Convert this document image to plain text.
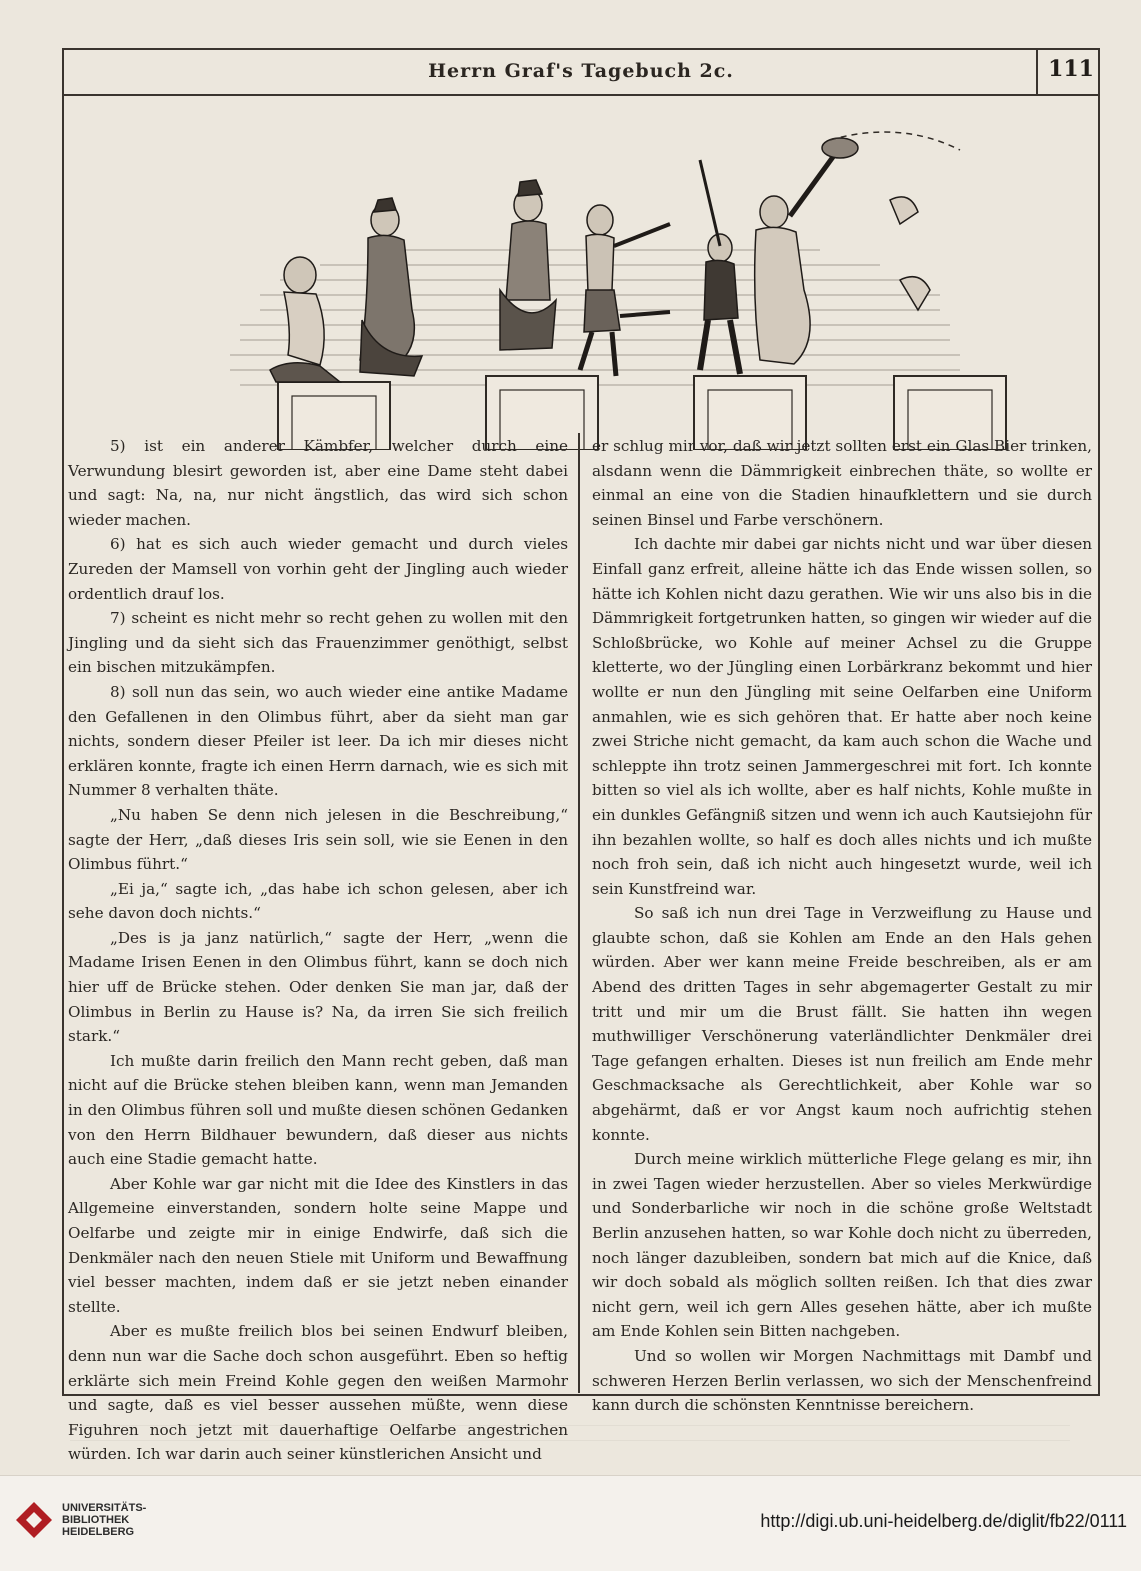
Herrn Graf's Tagebuch 2c.	111

5) ist ein anderer Kämbfer, welcher durch eine Verwundung blesirt geworden ist, aber eine Dame steht dabei und sagt: Na, na, nur nicht ängstlich, das wird sich schon wieder machen.

6) hat es sich auch wieder gemacht und durch vieles Zureden der Mamsell von vorhin geht der Jingling auch wieder ordentlich drauf los.

7) scheint es nicht mehr so recht gehen zu wollen mit den Jingling und da sieht sich das Frauenzimmer genöthigt, selbst ein bischen mitzukämpfen.

8) soll nun das sein, wo auch wieder eine antike Madame den Gefallenen in den Olimbus führt, aber da sieht man gar nichts, sondern dieser Pfeiler ist leer. Da ich mir dieses nicht erklären konnte, fragte ich einen Herrn darnach, wie es sich mit Nummer 8 verhalten thäte.

„Nu haben Se denn nich jelesen in die Beschreibung,“ sagte der Herr, „daß dieses Iris sein soll, wie sie Eenen in den Olimbus führt.“

„Ei ja,“ sagte ich, „das habe ich schon gelesen, aber ich sehe davon doch nichts.“

„Des is ja janz natürlich,“ sagte der Herr, „wenn die Madame Irisen Eenen in den Olimbus führt, kann se doch nich hier uff de Brücke stehen. Oder denken Sie man jar, daß der Olimbus in Berlin zu Hause is? Na, da irren Sie sich freilich stark.“

Ich mußte darin freilich den Mann recht geben, daß man nicht auf die Brücke stehen bleiben kann, wenn man Jemanden in den Olimbus führen soll und mußte diesen schönen Gedanken von den Herrn Bildhauer bewundern, daß dieser aus nichts auch eine Stadie gemacht hatte.

Aber Kohle war gar nicht mit die Idee des Kinstlers in das Allgemeine einverstanden, sondern holte seine Mappe und Oelfarbe und zeigte mir in einige Endwirfe, daß sich die Denkmäler nach den neuen Stiele mit Uniform und Bewaffnung viel besser machten, indem daß er sie jetzt neben einander stellte.

Aber es mußte freilich blos bei seinen Endwurf bleiben, denn nun war die Sache doch schon ausgeführt. Eben so heftig erklärte sich mein Freind Kohle gegen den weißen Marmohr und sagte, daß es viel besser aussehen müßte, wenn diese Figuhren noch jetzt mit dauerhaftige Oelfarbe angestrichen würden. Ich war darin auch seiner künstlerichen Ansicht und

er schlug mir vor, daß wir jetzt sollten erst ein Glas Bier trinken, alsdann wenn die Dämmrigkeit einbrechen thäte, so wollte er einmal an eine von die Stadien hinaufklettern und sie durch seinen Binsel und Farbe verschönern.

Ich dachte mir dabei gar nichts nicht und war über diesen Einfall ganz erfreit, alleine hätte ich das Ende wissen sollen, so hätte ich Kohlen nicht dazu gerathen. Wie wir uns also bis in die Dämmrigkeit fortgetrunken hatten, so gingen wir wieder auf die Schloßbrücke, wo Kohle auf meiner Achsel zu die Gruppe kletterte, wo der Jüngling einen Lorbärkranz bekommt und hier wollte er nun den Jüngling mit seine Oelfarben eine Uniform anmahlen, wie es sich gehören that. Er hatte aber noch keine zwei Striche nicht gemacht, da kam auch schon die Wache und schleppte ihn trotz seinen Jammergeschrei mit fort. Ich konnte bitten so viel als ich wollte, aber es half nichts, Kohle mußte in ein dunkles Gefängniß sitzen und wenn ich auch Kautsiejohn für ihn bezahlen wollte, so half es doch alles nichts und ich mußte noch froh sein, daß ich nicht auch hingesetzt wurde, weil ich sein Kunstfreind war.

So saß ich nun drei Tage in Verzweiflung zu Hause und glaubte schon, daß sie Kohlen am Ende an den Hals gehen würden. Aber wer kann meine Freide beschreiben, als er am Abend des dritten Tages in sehr abgemagerter Gestalt zu mir tritt und mir um die Brust fällt. Sie hatten ihn wegen muthwilliger Verschönerung vaterländlichter Denkmäler drei Tage gefangen erhalten. Dieses ist nun freilich am Ende mehr Geschmacksache als Gerechtlichkeit, aber Kohle war so abgehärmt, daß er vor Angst kaum noch aufrichtig stehen konnte.

Durch meine wirklich mütterliche Flege gelang es mir, ihn in zwei Tagen wieder herzustellen. Aber so vieles Merkwürdige und Sonderbarliche wir noch in die schöne große Weltstadt Berlin anzusehen hatten, so war Kohle doch nicht zu überreden, noch länger dazubleiben, sondern bat mich auf die Knice, daß wir doch sobald als möglich sollten reißen. Ich that dies zwar nicht gern, weil ich gern Alles gesehen hätte, aber ich mußte am Ende Kohlen sein Bitten nachgeben.

Und so wollen wir Morgen Nachmittags mit Dambf und schweren Herzen Berlin verlassen, wo sich der Menschenfreind kann durch die schönsten Kenntnisse bereichern.

UNIVERSITÄTS-
BIBLIOTHEK
HEIDELBERG
http://digi.ub.uni-heidelberg.de/diglit/fb22/0111
